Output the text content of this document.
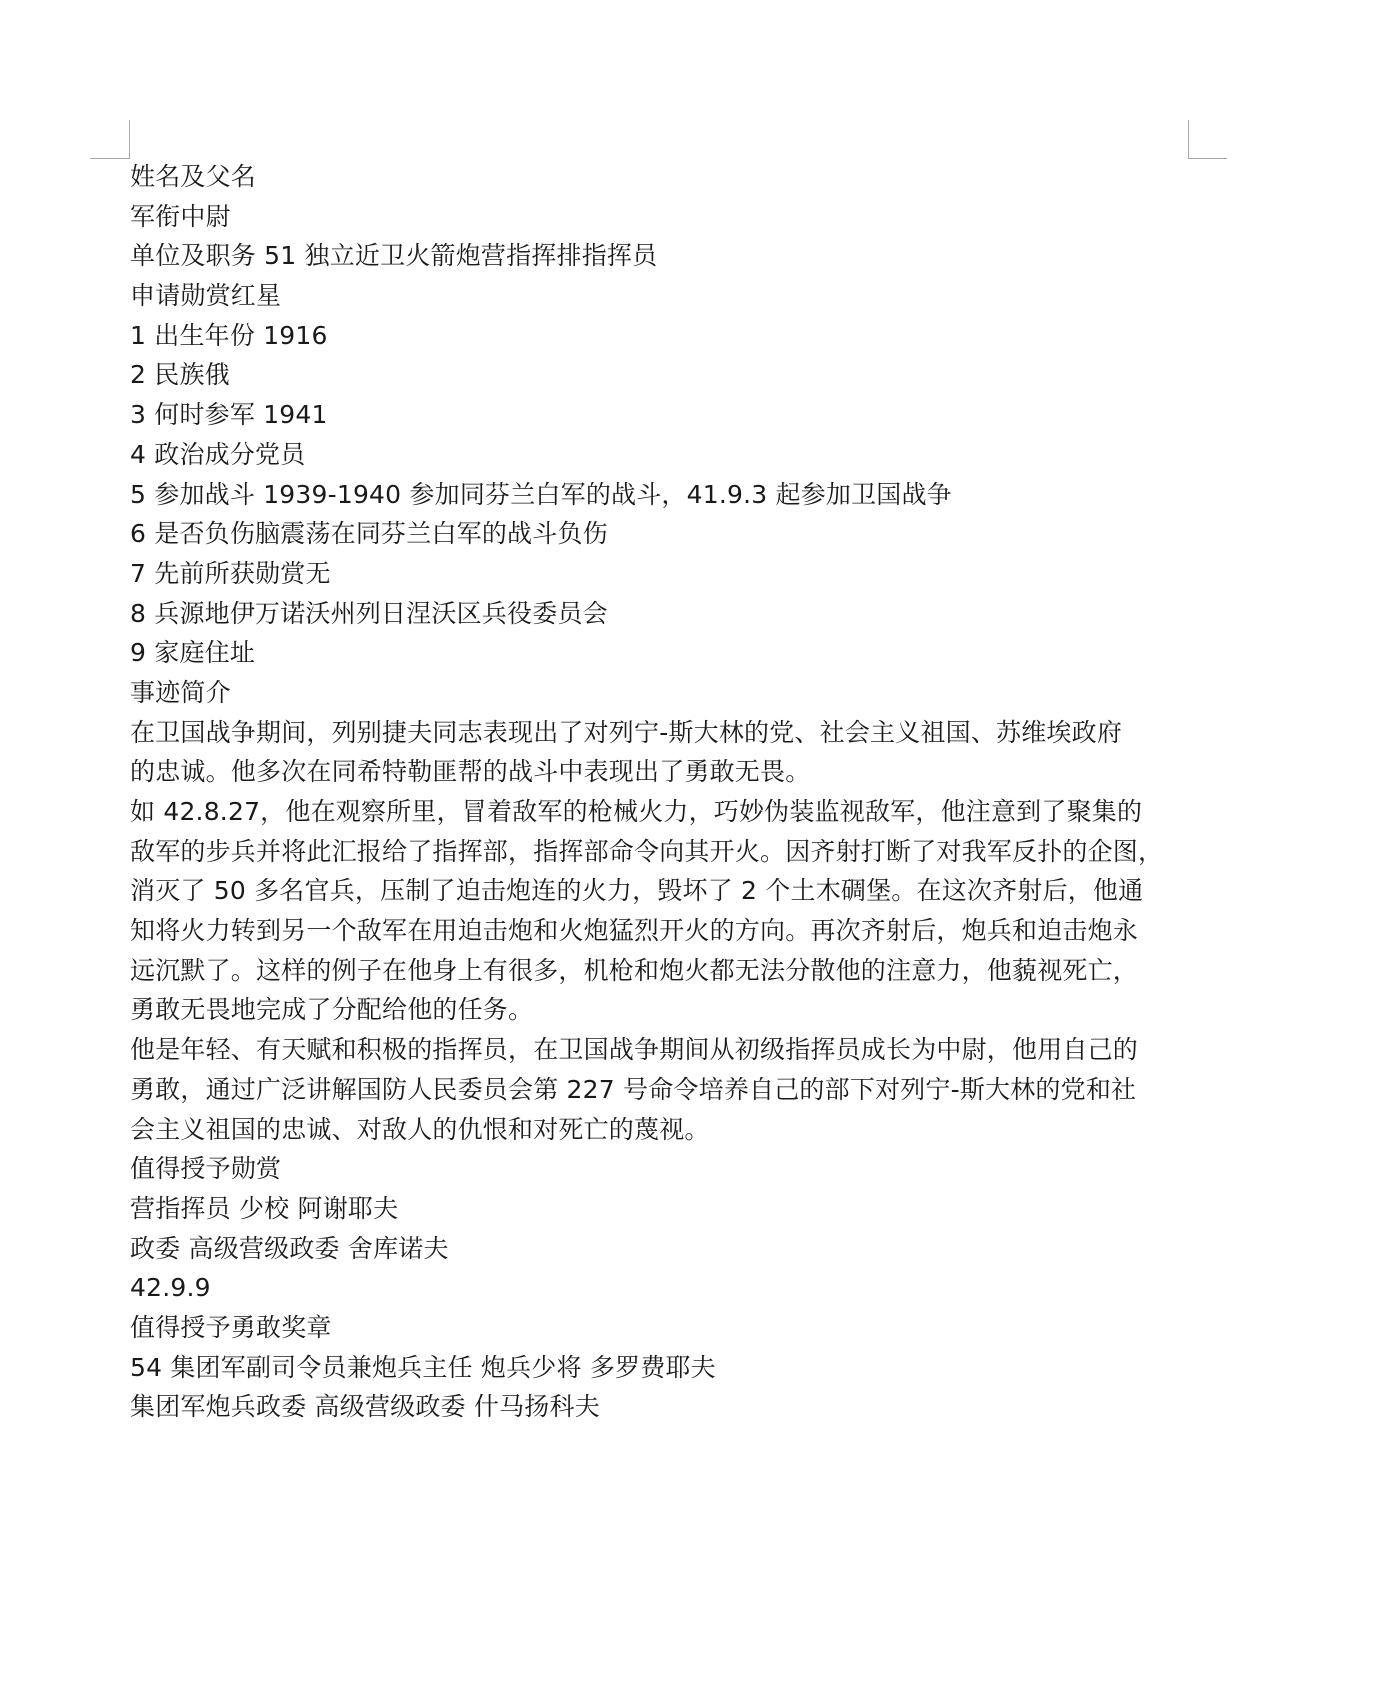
姓名及父名
军衔中尉
单位及职务 51 独立近卫火箭炮营指挥排指挥员
申请勋赏红星
1 出生年份 1916
2 民族俄
3 何时参军 1941
4 政治成分党员
5 参加战斗 1939-1940 参加同芬兰白军的战斗，41.9.3 起参加卫国战争
6 是否负伤脑震荡在同芬兰白军的战斗负伤
7 先前所获勋赏无
8 兵源地伊万诺沃州列日涅沃区兵役委员会
9 家庭住址
事迹简介
在卫国战争期间，列别捷夫同志表现出了对列宁-斯大林的党、社会主义祖国、苏维埃政府
的忠诚。他多次在同希特勒匪帮的战斗中表现出了勇敢无畏。
如 42.8.27，他在观察所里，冒着敌军的枪械火力，巧妙伪装监视敌军，他注意到了聚集的
敌军的步兵并将此汇报给了指挥部，指挥部命令向其开火。因齐射打断了对我军反扑的企图，
消灭了 50 多名官兵，压制了迫击炮连的火力，毁坏了 2 个土木碉堡。在这次齐射后，他通
知将火力转到另一个敌军在用迫击炮和火炮猛烈开火的方向。再次齐射后，炮兵和迫击炮永
远沉默了。这样的例子在他身上有很多，机枪和炮火都无法分散他的注意力，他藐视死亡，
勇敢无畏地完成了分配给他的任务。
他是年轻、有天赋和积极的指挥员，在卫国战争期间从初级指挥员成长为中尉，他用自己的
勇敢，通过广泛讲解国防人民委员会第 227 号命令培养自己的部下对列宁-斯大林的党和社
会主义祖国的忠诚、对敌人的仇恨和对死亡的蔑视。
值得授予勋赏
营指挥员 少校 阿谢耶夫
政委 高级营级政委 舍库诺夫
42.9.9
值得授予勇敢奖章
54 集团军副司令员兼炮兵主任 炮兵少将 多罗费耶夫
集团军炮兵政委 高级营级政委 什马扬科夫
